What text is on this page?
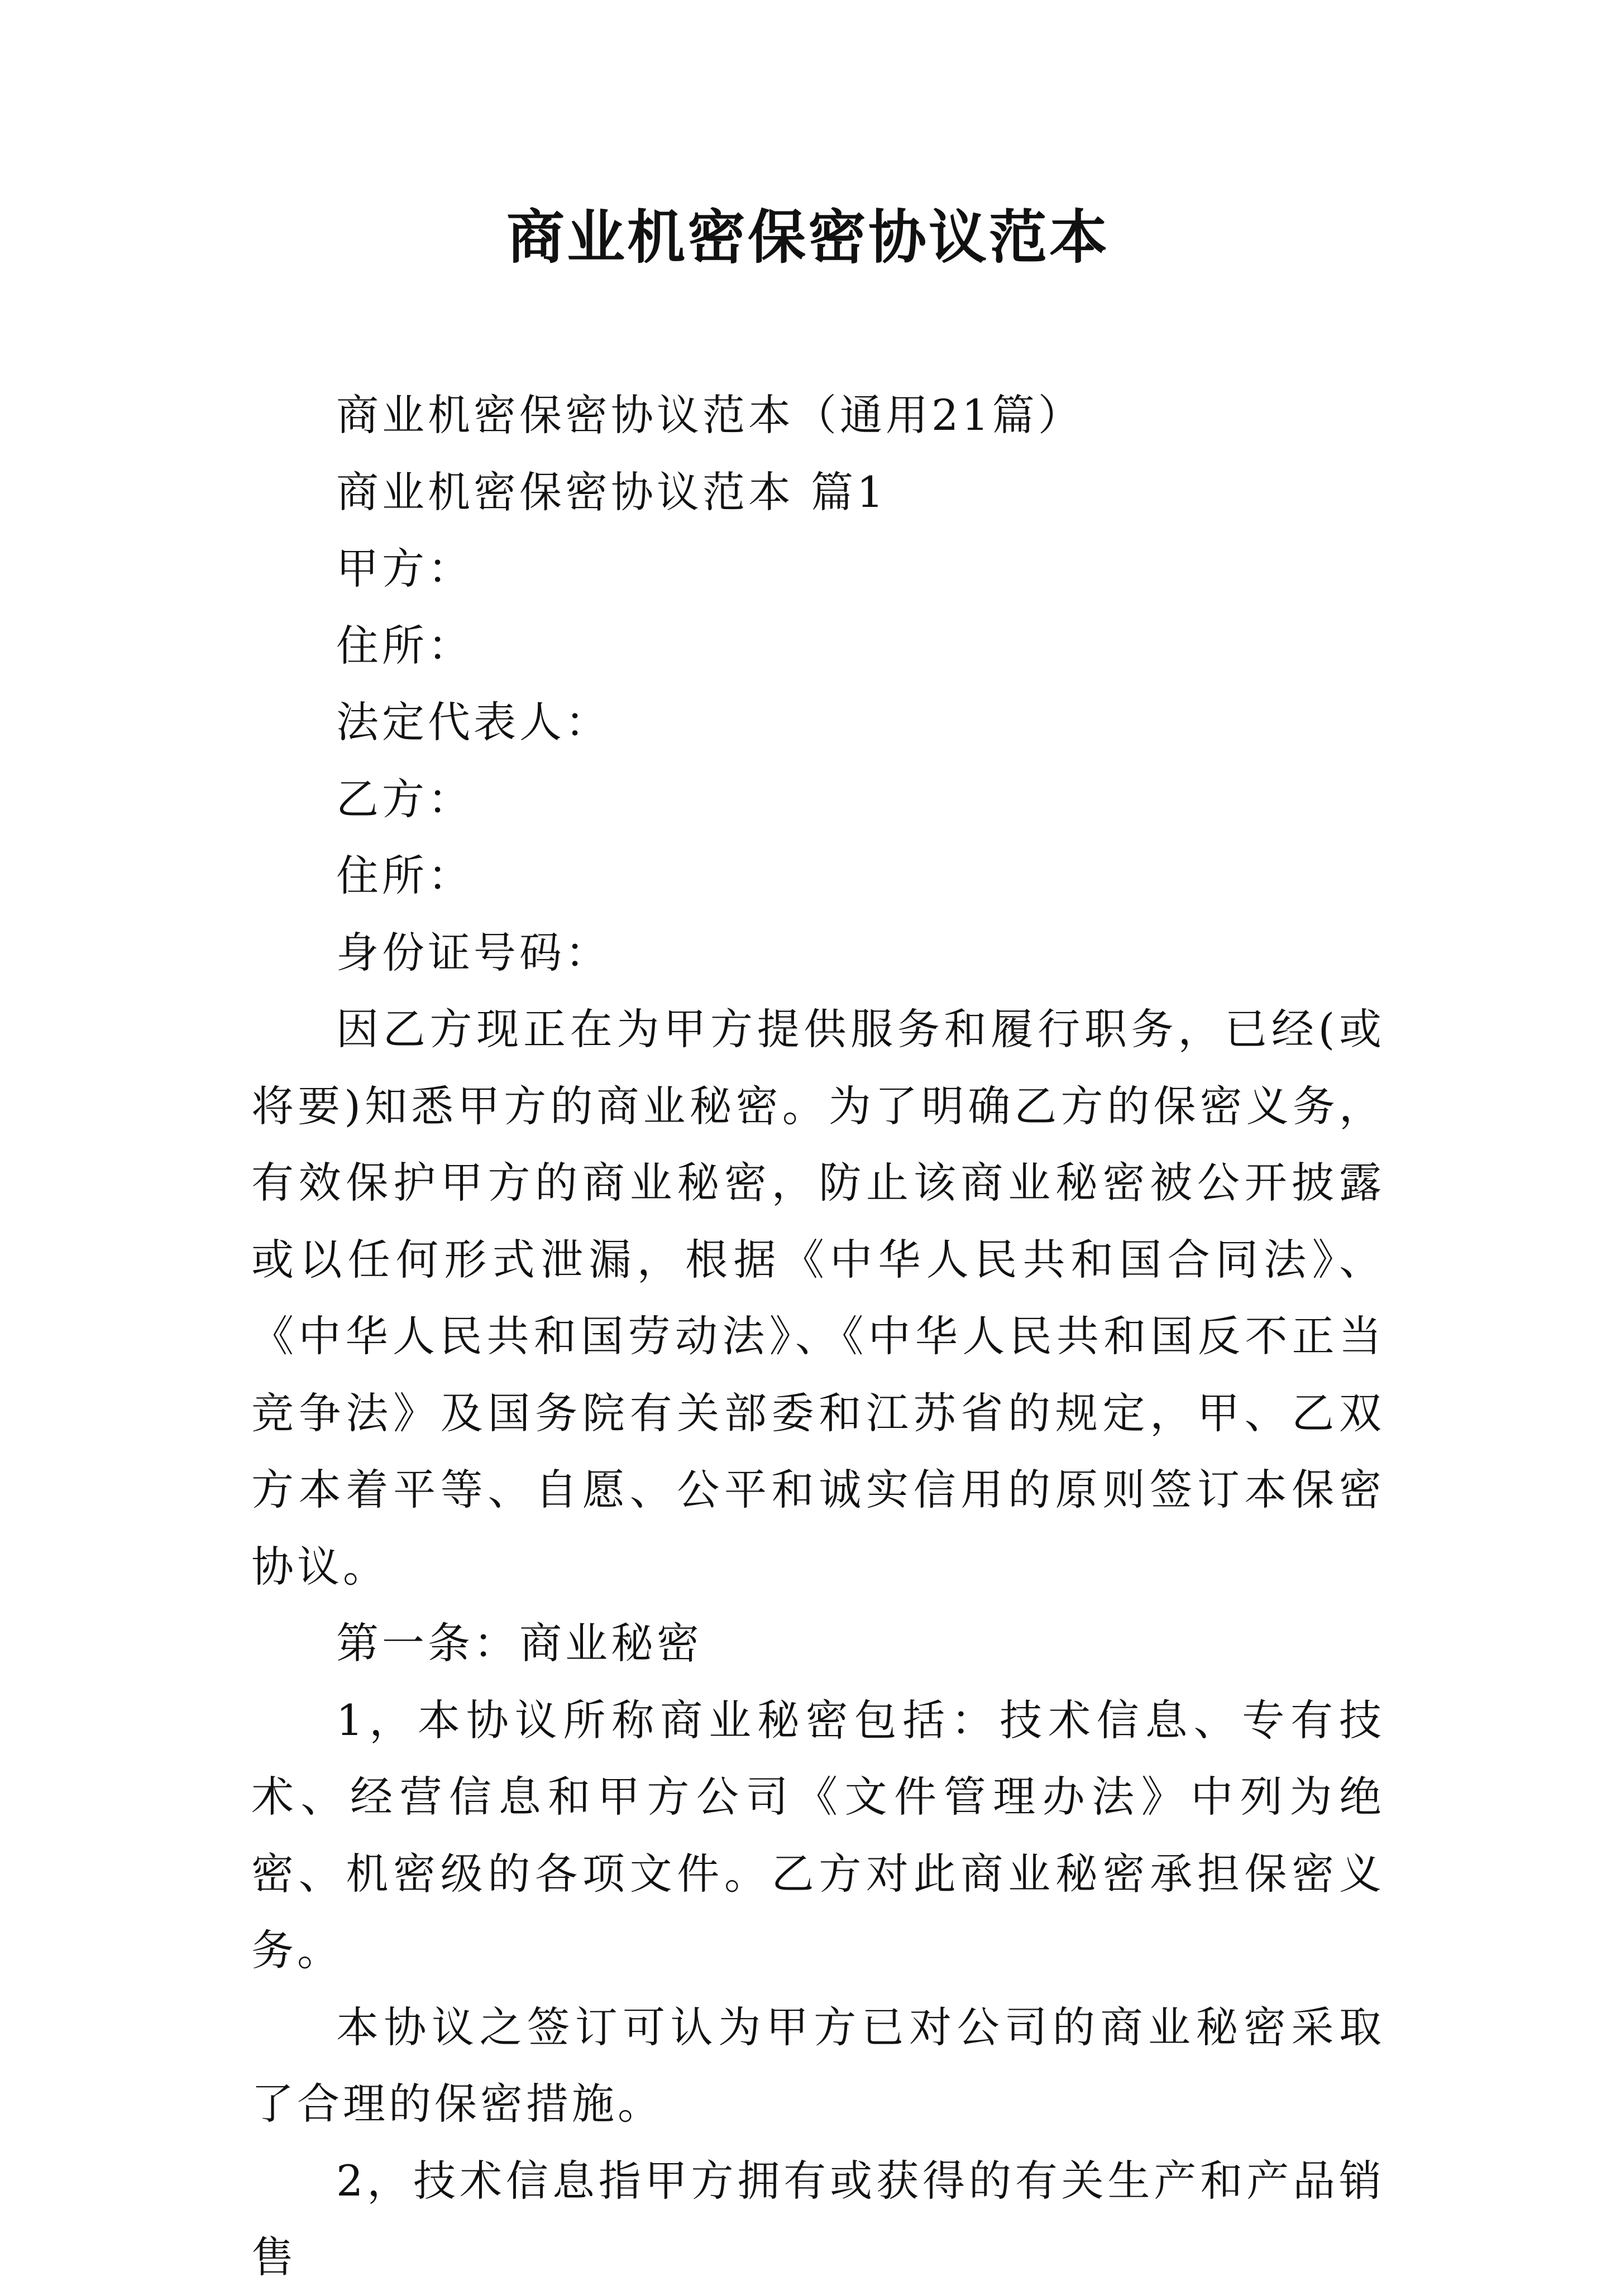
商业机密保密协议范本

商业机密保密协议范本（通用21篇）

商业机密保密协议范本 篇1

甲方：

住所：

法定代表人：

乙方：

住所：

身份证号码：

因乙方现正在为甲方提供服务和履行职务，已经(或将要)知悉甲方的商业秘密。为了明确乙方的保密义务，有效保护甲方的商业秘密，防止该商业秘密被公开披露或以任何形式泄漏，根据《中华人民共和国合同法》、《中华人民共和国劳动法》、《中华人民共和国反不正当竞争法》及国务院有关部委和江苏省的规定，甲、乙双方本着平等、自愿、公平和诚实信用的原则签订本保密协议。

第一条：商业秘密

1，本协议所称商业秘密包括：技术信息、专有技术、经营信息和甲方公司《文件管理办法》中列为绝密、机密级的各项文件。乙方对此商业秘密承担保密义务。

本协议之签订可认为甲方已对公司的商业秘密采取了合理的保密措施。

2，技术信息指甲方拥有或获得的有关生产和产品销售
